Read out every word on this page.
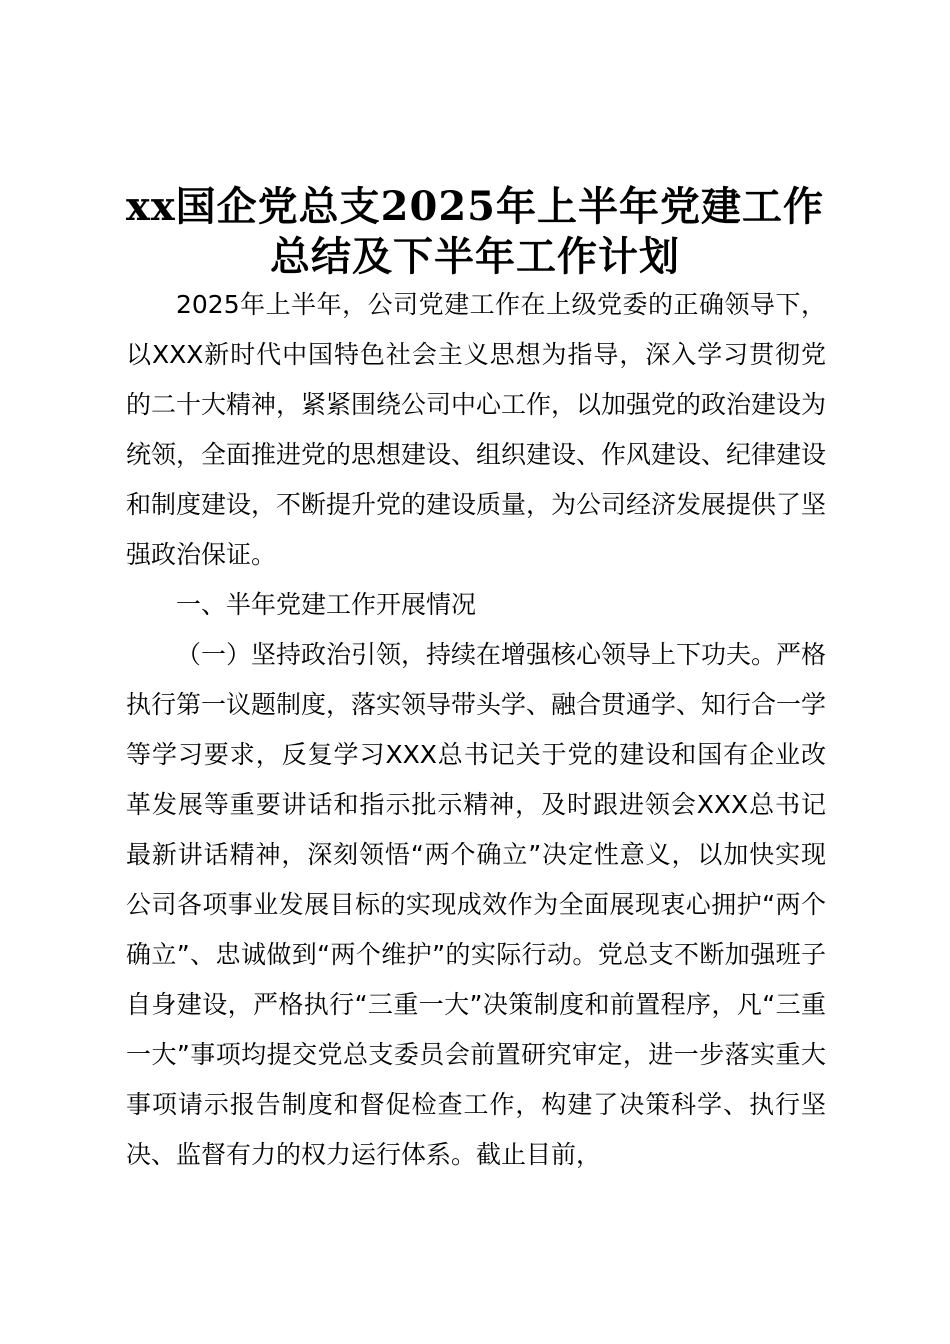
xx国企党总支2025年上半年党建工作
总结及下半年工作计划

2025年上半年，公司党建工作在上级党委的正确领导下，以XXX新时代中国特色社会主义思想为指导，深入学习贯彻党的二十大精神，紧紧围绕公司中心工作，以加强党的政治建设为统领，全面推进党的思想建设、组织建设、作风建设、纪律建设和制度建设，不断提升党的建设质量，为公司经济发展提供了坚强政治保证。

一、半年党建工作开展情况

（一）坚持政治引领，持续在增强核心领导上下功夫。严格执行第一议题制度，落实领导带头学、融合贯通学、知行合一学等学习要求，反复学习XXX总书记关于党的建设和国有企业改革发展等重要讲话和指示批示精神，及时跟进领会XXX总书记最新讲话精神，深刻领悟“两个确立”决定性意义，以加快实现公司各项事业发展目标的实现成效作为全面展现衷心拥护“两个确立”、忠诚做到“两个维护”的实际行动。党总支不断加强班子自身建设，严格执行“三重一大”决策制度和前置程序，凡“三重一大”事项均提交党总支委员会前置研究审定，进一步落实重大事项请示报告制度和督促检查工作，构建了决策科学、执行坚决、监督有力的权力运行体系。截止目前，
